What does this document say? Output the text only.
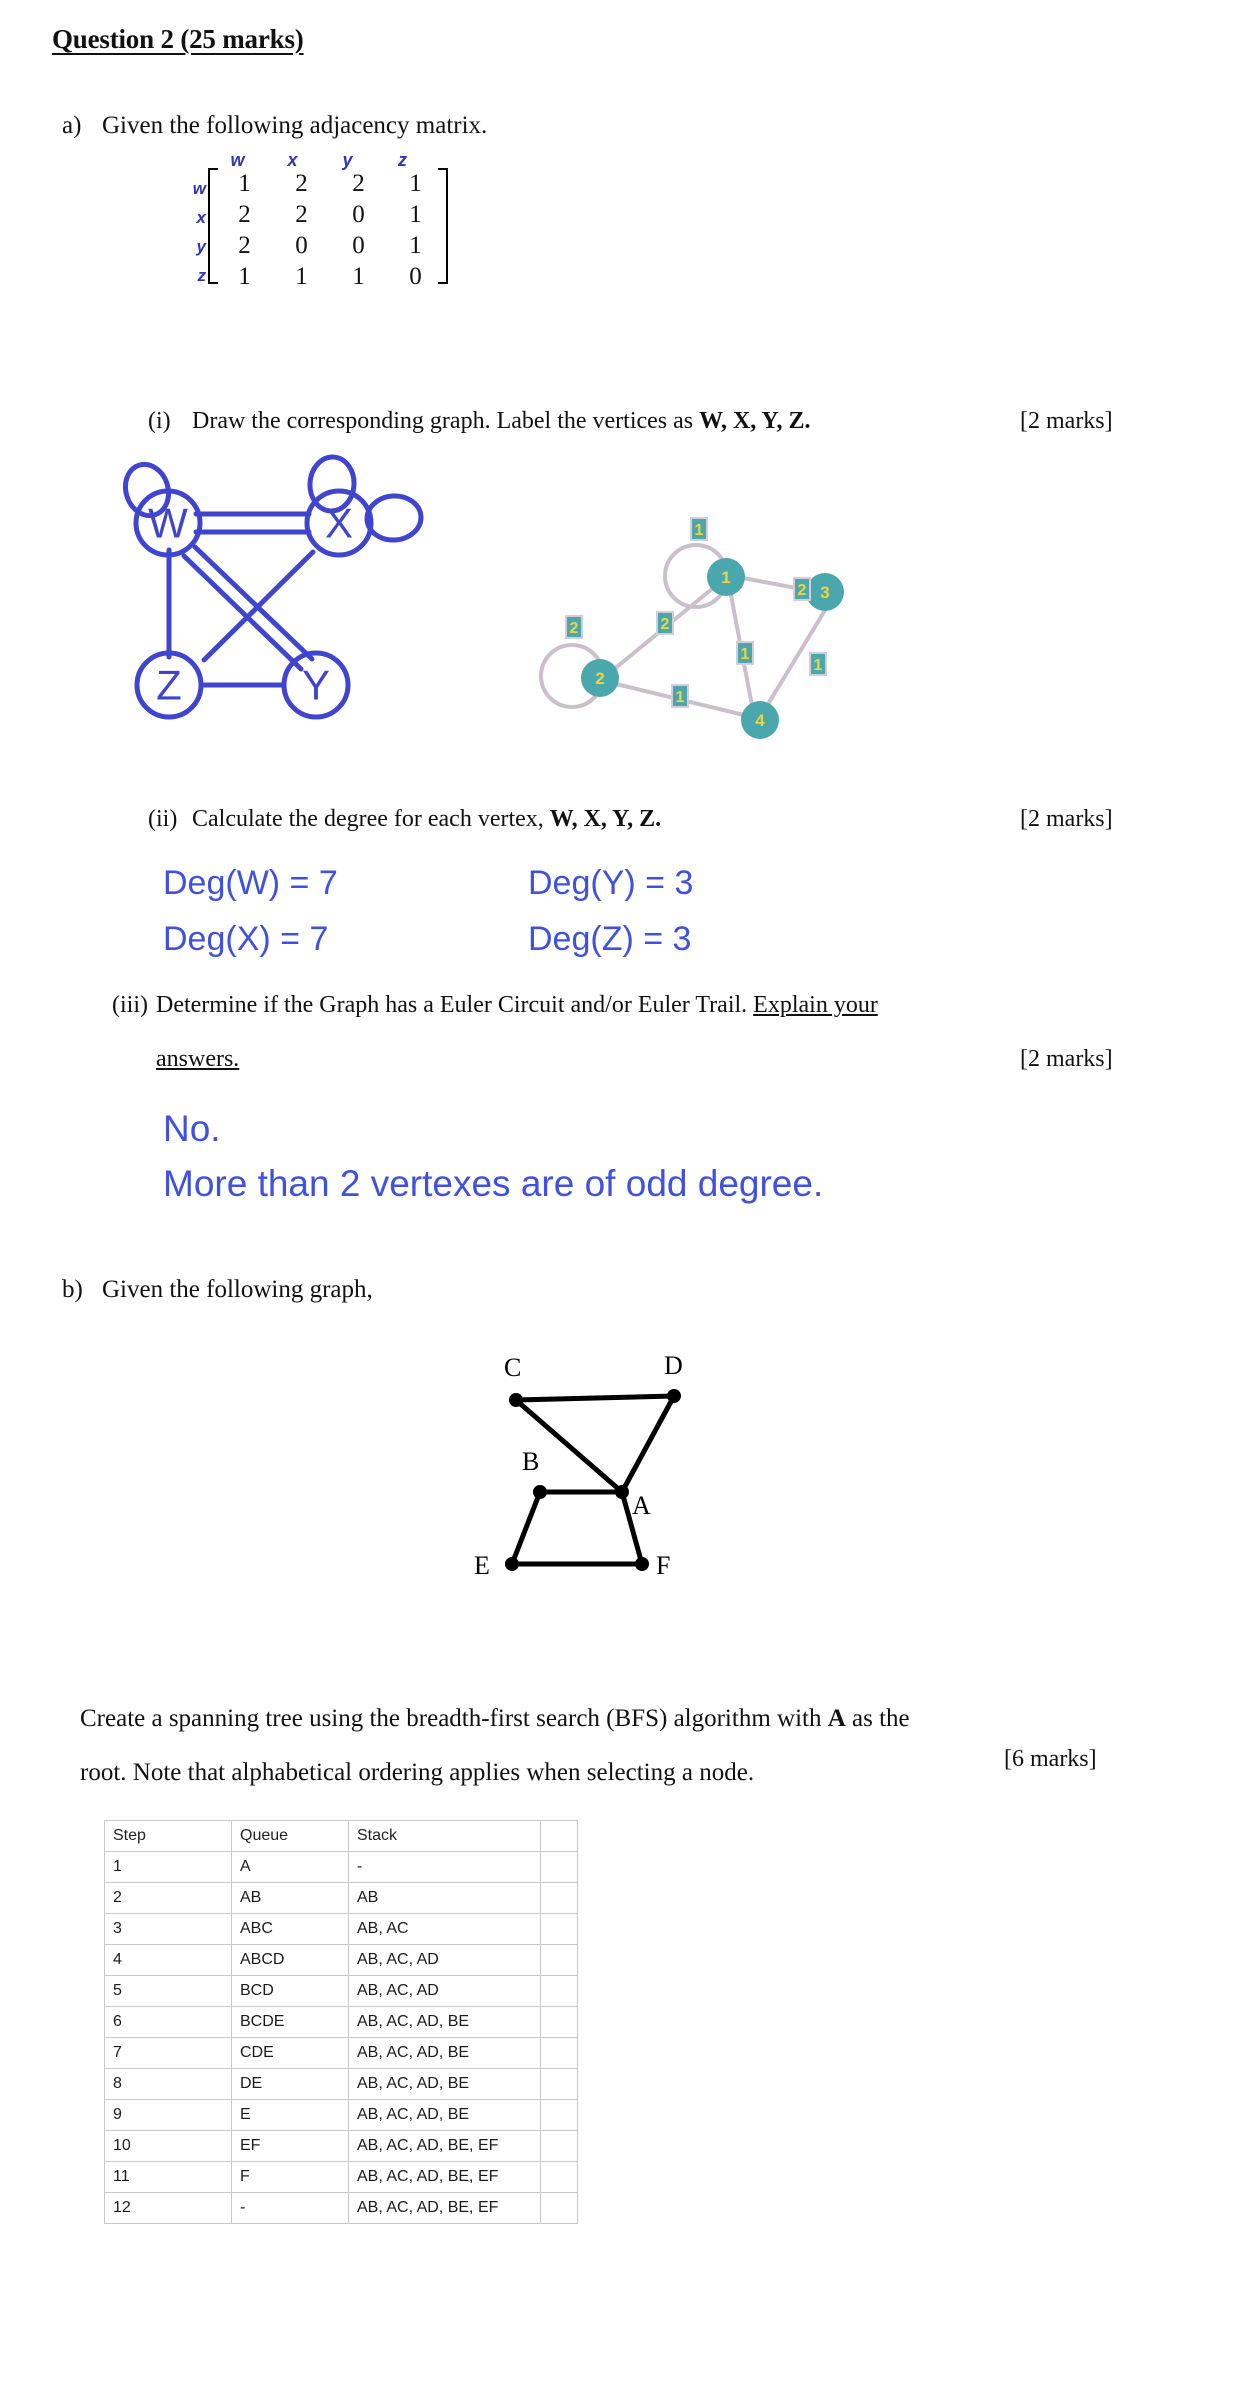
Question 2 (25 marks)
a) Given the following adjacency matrix.
w	x	y	z
w
x
y
z
1	2	2	1
2	2	0	1
2	0	0	1
1	1	1	0
(i) Draw the corresponding graph. Label the vertices as W, X, Y, Z.	[2 marks]
W	X
Z	Y
1
2
3
4
1
2
2
2
1
1
1
(ii) Calculate the degree for each vertex, W, X, Y, Z.	[2 marks]
Deg(W) = 7	Deg(Y) = 3
Deg(X) = 7	Deg(Z) = 3
(iii) Determine if the Graph has a Euler Circuit and/or Euler Trail. Explain your
answers.	[2 marks]
No.
More than 2 vertexes are of odd degree.
b) Given the following graph,
C	D
B
A
E	F
Create a spanning tree using the breadth-first search (BFS) algorithm with A as the
root. Note that alphabetical ordering applies when selecting a node.	[6 marks]
Step	Queue	Stack	
1	A	-	
2	AB	AB	
3	ABC	AB, AC	
4	ABCD	AB, AC, AD	
5	BCD	AB, AC, AD	
6	BCDE	AB, AC, AD, BE	
7	CDE	AB, AC, AD, BE	
8	DE	AB, AC, AD, BE	
9	E	AB, AC, AD, BE	
10	EF	AB, AC, AD, BE, EF	
11	F	AB, AC, AD, BE, EF	
12	-	AB, AC, AD, BE, EF	
